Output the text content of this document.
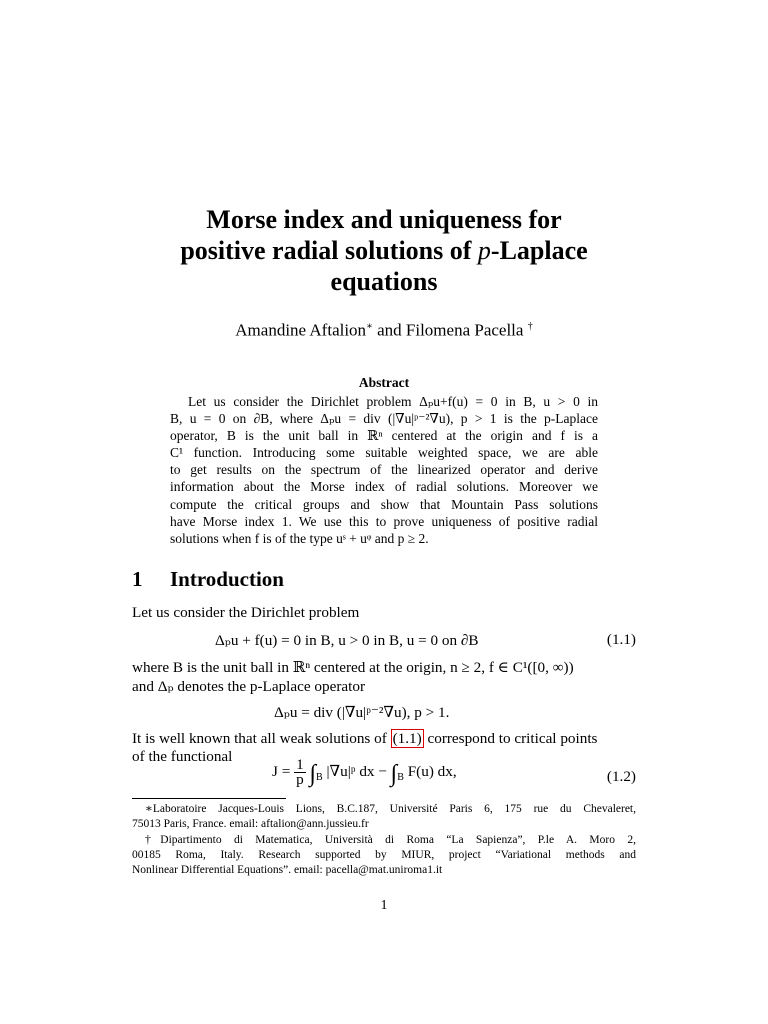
Morse index and uniqueness for
positive radial solutions of p-Laplace
equations
Amandine Aftalion∗ and Filomena Pacella †
Abstract
Let us consider the Dirichlet problem Δₚu+f(u) = 0 in B, u > 0 in
B, u = 0 on ∂B, where Δₚu = div (|∇u|ᵖ⁻²∇u), p > 1 is the p-Laplace
operator, B is the unit ball in ℝⁿ centered at the origin and f is a
C¹ function. Introducing some suitable weighted space, we are able
to get results on the spectrum of the linearized operator and derive
information about the Morse index of radial solutions. Moreover we
compute the critical groups and show that Mountain Pass solutions
have Morse index 1. We use this to prove uniqueness of positive radial
solutions when f is of the type uˢ + uᵠ and p ≥ 2.
1 Introduction
Let us consider the Dirichlet problem
Δₚu + f(u) = 0 in B, u > 0 in B, u = 0 on ∂B	(1.1)
where B is the unit ball in ℝⁿ centered at the origin, n ≥ 2, f ∈ C¹([0, ∞))
and Δₚ denotes the p-Laplace operator
Δₚu = div (|∇u|ᵖ⁻²∇u), p > 1.
It is well known that all weak solutions of (1.1) correspond to critical points
of the functional
$J = \frac{1}{p} \int_B$ |∇u|ᵖ dx − $\int_B$ F(u) dx,	(1.2)
∗Laboratoire Jacques-Louis Lions, B.C.187, Université Paris 6, 175 rue du Chevaleret,
75013 Paris, France. email: aftalion@ann.jussieu.fr
†Dipartimento di Matematica, Università di Roma “La Sapienza”, P.le A. Moro 2,
00185 Roma, Italy. Research supported by MIUR, project “Variational methods and
Nonlinear Differential Equations”. email: pacella@mat.uniroma1.it
1
